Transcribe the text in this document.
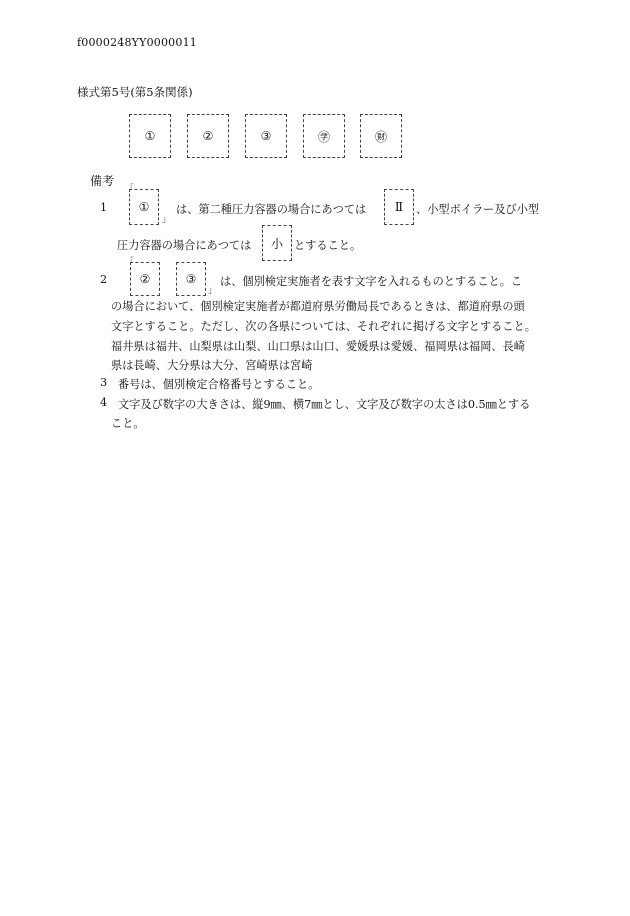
f0000248YY0000011
様式第5号(第5条関係)
①	②	③	㊫	㊖
備考
1
「
①
」
は、第二種圧力容器の場合にあつては	Ⅱ	、小型ボイラー及び小型
圧力容器の場合にあつては	小 とすること。
2
「
②	③
」
は、個別検定実施者を表す文字を入れるものとすること。こ
の場合において、個別検定実施者が都道府県労働局長であるときは、都道府県の頭
文字とすること。ただし、次の各県については、それぞれに掲げる文字とすること。
福井県は福井、山梨県は山梨、山口県は山口、愛媛県は愛媛、福岡県は福岡、長崎
県は長崎、大分県は大分、宮崎県は宮崎
3 番号は、個別検定合格番号とすること。
4 文字及び数字の大きさは、縦9㎜、横7㎜とし、文字及び数字の太さは0.5㎜とする
こと。
